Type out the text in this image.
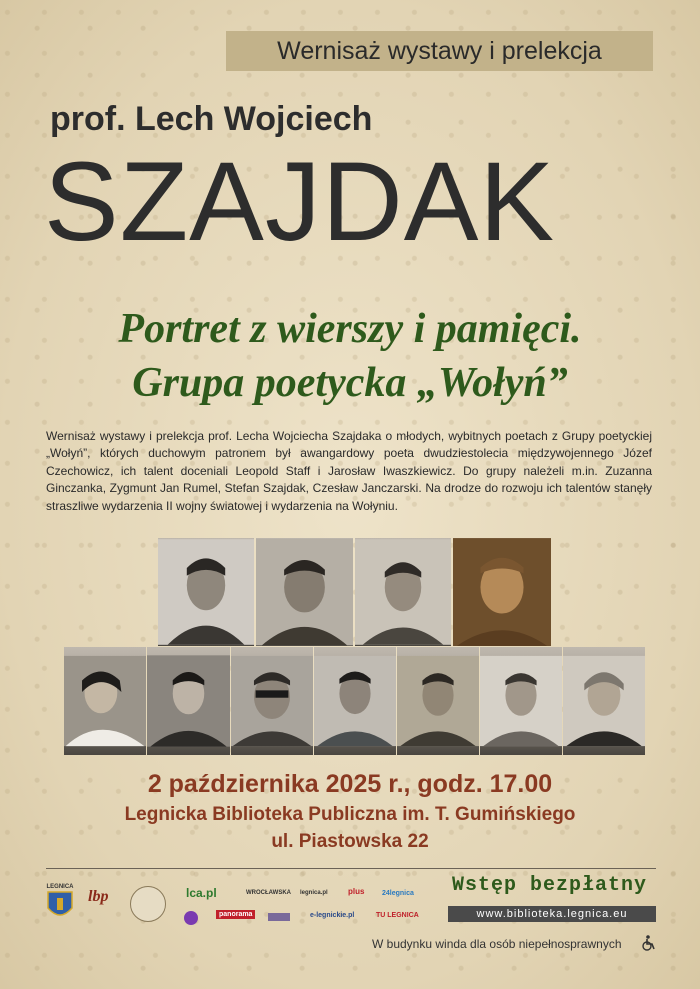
Wernisaż wystawy i prelekcja
prof. Lech Wojciech
SZAJDAK
Portret z wierszy i pamięci.
Grupa poetycka „Wołyń”
Wernisaż wystawy i prelekcja prof. Lecha Wojciecha Szajdaka o młodych, wybitnych poetach z Grupy poetyckiej „Wołyń”, których duchowym patronem był awangardowy poeta dwudziestolecia międzywojennego Józef Czechowicz, ich talent doceniali Leopold Staff i Jarosław Iwaszkiewicz. Do grupy należeli m.in. Zuzanna Ginczanka, Zygmunt Jan Rumel, Stefan Szajdak, Czesław Janczarski. Na drodze do rozwoju ich talentów stanęły straszliwe wydarzenia II wojny światowej i wydarzenia na Wołyniu.
2 października 2025 r., godz. 17.00
Legnicka Biblioteka Publiczna im. T. Gumińskiego
ul. Piastowska 22
LEGNICA
lbp	lca.pl	WROCŁAWSKA legnica.pl	plus	24legnica
panorama	e-legnickie.pl	TU LEGNICA
Wstęp bezpłatny
www.biblioteka.legnica.eu
W budynku winda dla osób niepełnosprawnych
